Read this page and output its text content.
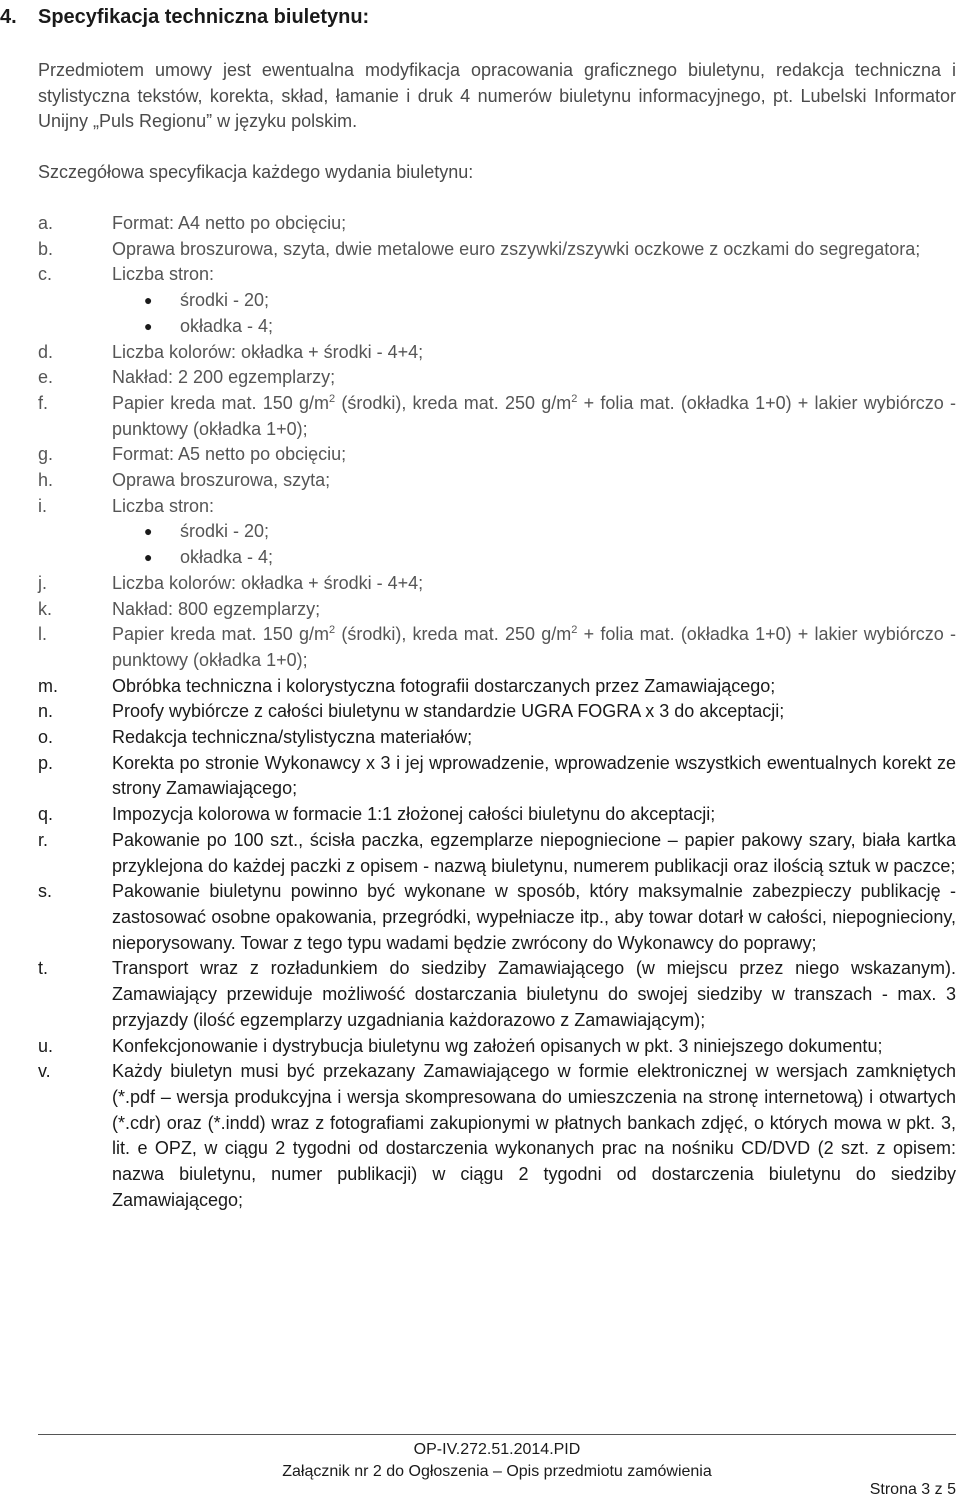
4. Specyfikacja techniczna biuletynu:
Przedmiotem umowy jest ewentualna modyfikacja opracowania graficznego biuletynu, redakcja techniczna i stylistyczna tekstów, korekta, skład, łamanie i druk 4 numerów biuletynu informacyjnego, pt. Lubelski Informator Unijny „Puls Regionu” w języku polskim.
Szczegółowa specyfikacja każdego wydania biuletynu:
a.	Format: A4 netto po obcięciu;
b.	Oprawa broszurowa, szyta, dwie metalowe euro zszywki/zszywki oczkowe z oczkami do segregatora;
c.	Liczba stron:
●	środki - 20;
●	okładka - 4;
d.	Liczba kolorów: okładka + środki - 4+4;
e.	Nakład: 2 200 egzemplarzy;
f.	Papier kreda mat. 150 $g/m^2$ (środki), kreda mat. 250 $g/m^2$ + folia mat. (okładka 1+0) + lakier wybiórczo - punktowy (okładka 1+0);
g.	Format: A5 netto po obcięciu;
h.	Oprawa broszurowa, szyta;
i.	Liczba stron:
●	środki - 20;
●	okładka - 4;
j.	Liczba kolorów: okładka + środki - 4+4;
k.	Nakład: 800 egzemplarzy;
l.	Papier kreda mat. 150 $g/m^2$ (środki), kreda mat. 250 $g/m^2$ + folia mat. (okładka 1+0) + lakier wybiórczo - punktowy (okładka 1+0);
m.	Obróbka techniczna i kolorystyczna fotografii dostarczanych przez Zamawiającego;
n.	Proofy wybiórcze z całości biuletynu w standardzie UGRA FOGRA x 3 do akceptacji;
o.	Redakcja techniczna/stylistyczna materiałów;
p.	Korekta po stronie Wykonawcy x 3 i jej wprowadzenie, wprowadzenie wszystkich ewentualnych korekt ze strony Zamawiającego;
q.	Impozycja kolorowa w formacie 1:1 złożonej całości biuletynu do akceptacji;
r.	Pakowanie po 100 szt., ścisła paczka, egzemplarze niepogniecione – papier pakowy szary, biała kartka przyklejona do każdej paczki z opisem - nazwą biuletynu, numerem publikacji oraz ilością sztuk w paczce;
s.	Pakowanie biuletynu powinno być wykonane w sposób, który maksymalnie zabezpieczy publikację - zastosować osobne opakowania, przegródki, wypełniacze itp., aby towar dotarł w całości, niepognieciony, nieporysowany. Towar z tego typu wadami będzie zwrócony do Wykonawcy do poprawy;
t.	Transport wraz z rozładunkiem do siedziby Zamawiającego (w miejscu przez niego wskazanym). Zamawiający przewiduje możliwość dostarczania biuletynu do swojej siedziby w transzach - max. 3 przyjazdy (ilość egzemplarzy uzgadniania każdorazowo z Zamawiającym);
u.	Konfekcjonowanie i dystrybucja biuletynu wg założeń opisanych w pkt. 3 niniejszego dokumentu;
v.	Każdy biuletyn musi być przekazany Zamawiającego w formie elektronicznej w wersjach zamkniętych (*.pdf – wersja produkcyjna i wersja skompresowana do umieszczenia na stronę internetową) i otwartych (*.cdr) oraz (*.indd) wraz z fotografiami zakupionymi w płatnych bankach zdjęć, o których mowa w pkt. 3, lit. e OPZ, w ciągu 2 tygodni od dostarczenia wykonanych prac na nośniku CD/DVD (2 szt. z opisem: nazwa biuletynu, numer publikacji) w ciągu 2 tygodni od dostarczenia biuletynu do siedziby Zamawiającego;
OP-IV.272.51.2014.PID
Załącznik nr 2 do Ogłoszenia – Opis przedmiotu zamówienia
Strona 3 z 5
